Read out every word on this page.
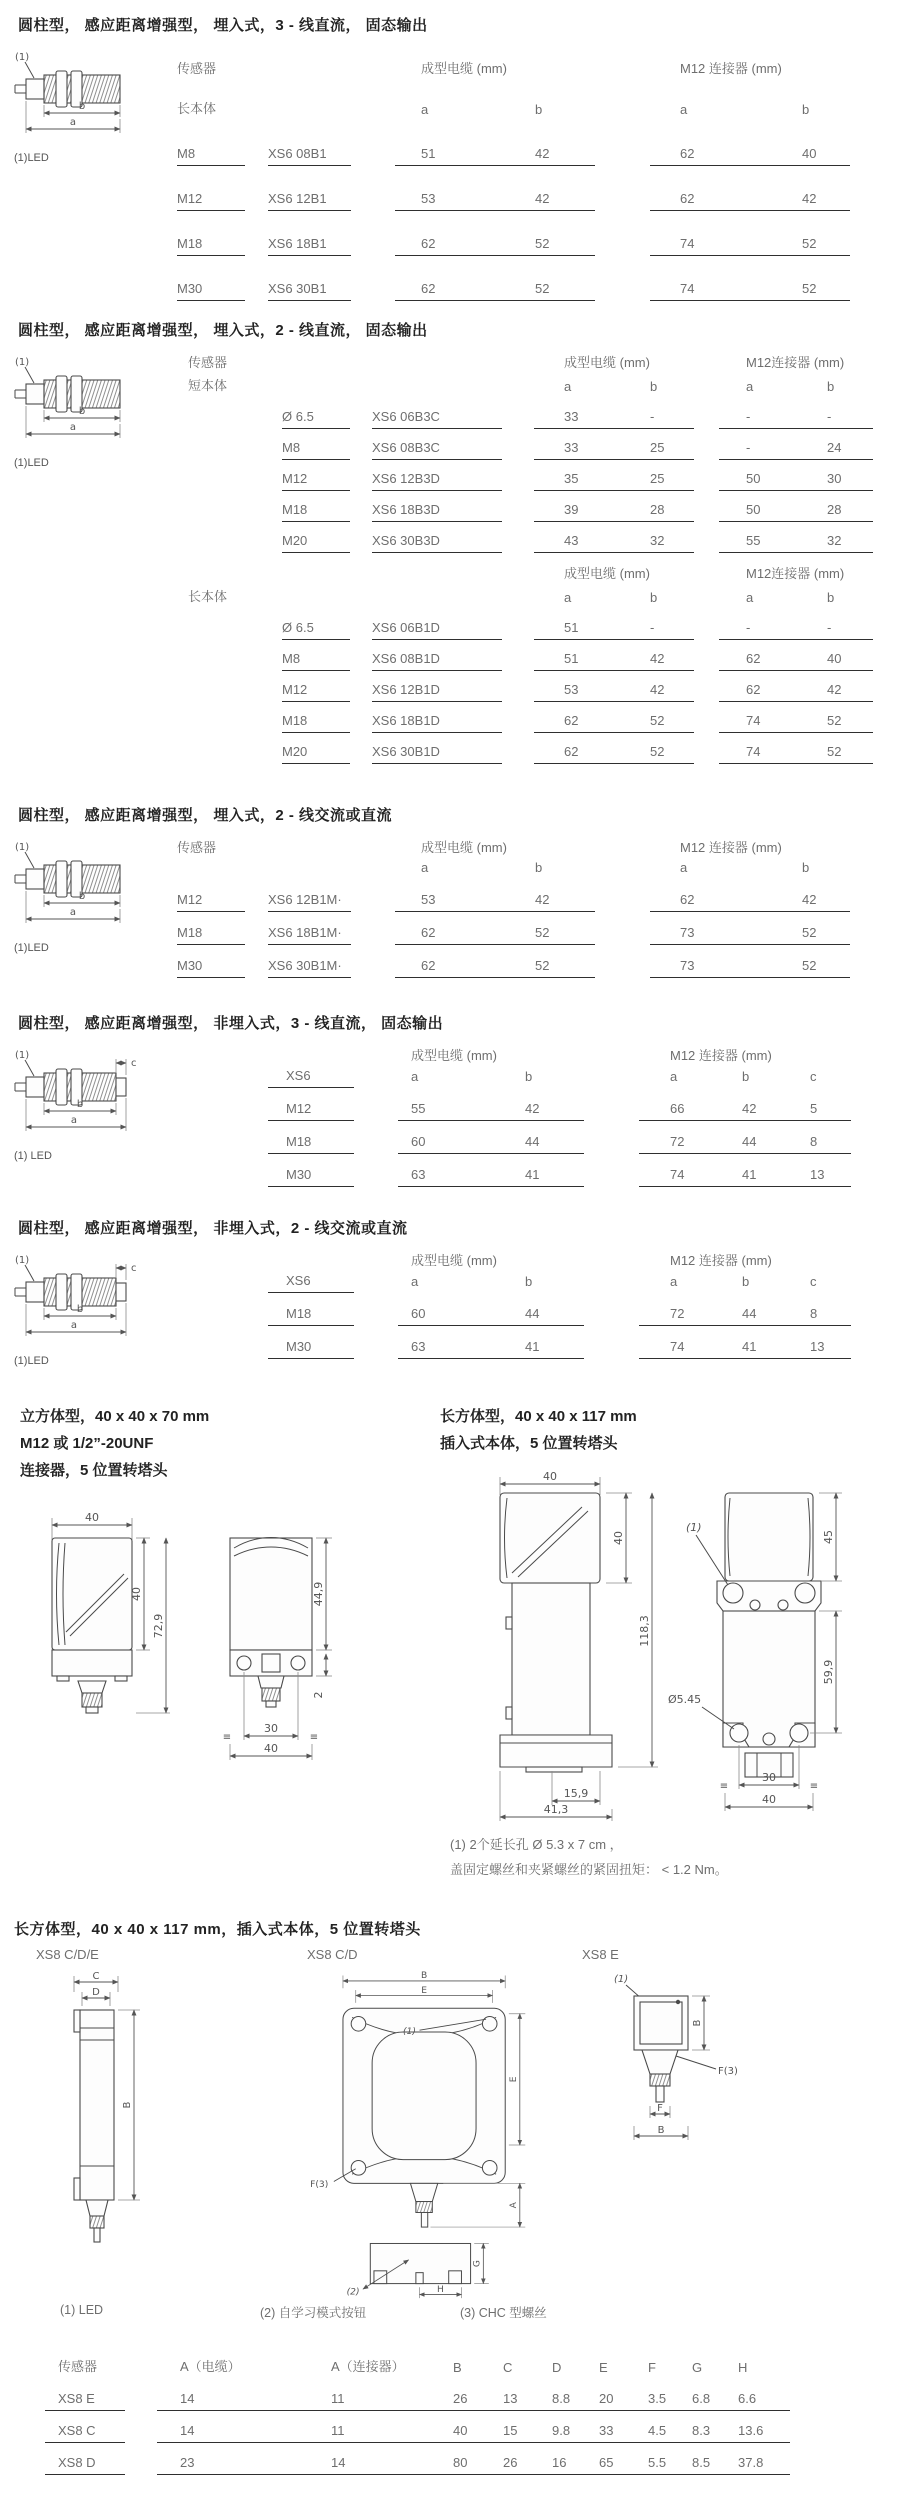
圆柱型， 感应距离增强型， 埋入式，3 - 线直流， 固态输出
(1)
b
a
(1)LED
传感器	成型电缆 (mm)	M12 连接器 (mm)
长本体	a	b	a	b
M8	XS6 08B1	51	42	62	40
M12	XS6 12B1	53	42	62	42
M18	XS6 18B1	62	52	74	52
M30	XS6 30B1	62	52	74	52
圆柱型， 感应距离增强型， 埋入式，2 - 线直流， 固态输出
(1)
b
a
(1)LED
传感器	成型电缆 (mm)	M12连接器 (mm)
短本体	a	b	a	b
Ø 6.5	XS6 06B3C	33	-	-	-
M8	XS6 08B3C	33	25	-	24
M12	XS6 12B3D	35	25	50	30
M18	XS6 18B3D	39	28	50	28
M20	XS6 30B3D	43	32	55	32
成型电缆 (mm)	M12连接器 (mm)
长本体	a	b	a	b
Ø 6.5	XS6 06B1D	51	-	-	-
M8	XS6 08B1D	51	42	62	40
M12	XS6 12B1D	53	42	62	42
M18	XS6 18B1D	62	52	74	52
M20	XS6 30B1D	62	52	74	52
圆柱型， 感应距离增强型， 埋入式，2 - 线交流或直流
(1)
b
a
(1)LED
传感器	成型电缆 (mm)	M12 连接器 (mm)
a	b	a	b
M12	XS6 12B1M·	53	42	62	42
M18	XS6 18B1M·	62	52	73	52
M30	XS6 30B1M·	62	52	73	52
圆柱型， 感应距离增强型， 非埋入式，3 - 线直流， 固态输出
(1)
c
b
a
(1) LED
成型电缆 (mm)	M12 连接器 (mm)
XS6	a	b	a	b	c
M12	55	42	66	42	5
M18	60	44	72	44	8
M30	63	41	74	41	13
圆柱型， 感应距离增强型， 非埋入式，2 - 线交流或直流
(1)
c
b
a
(1)LED
成型电缆 (mm)	M12 连接器 (mm)
XS6	a	b	a	b	c
M18	60	44	72	44	8
M30	63	41	74	41	13

立方体型，40 x 40 x 70 mm

M12 或 1/2”-20UNF

连接器，5 位置转塔头

40
40
72,9
44,9
2
30
≡	≡
40

长方体型，40 x 40 x 117 mm

插入式本体，5 位置转塔头

40
40
118,3
15,9
41,3
(1)
Ø5.45
45
59,9
30
≡	≡
40
(1) 2个延长孔 Ø 5.3 x 7 cm ，
盖固定螺丝和夹紧螺丝的紧固扭矩： < 1.2 Nm。
长方体型，40 x 40 x 117 mm，插入式本体，5 位置转塔头
XS8 C/D/E
C
D
B
XS8 C/D
B
E
(1)
F(3)
E
A
(2)
G
H
XS8 E
(1)
B
F(3)
F
B
(1) LED	(2) 自学习模式按钮	(3) CHC 型螺丝
传感器	A（电缆）	A（连接器）	B	C	D	E	F	G	H
XS8 E	14	11	26	13	8.8	20	3.5	6.8	6.6
XS8 C	14	11	40	15	9.8	33	4.5	8.3	13.6
XS8 D	23	14	80	26	16	65	5.5	8.5	37.8
